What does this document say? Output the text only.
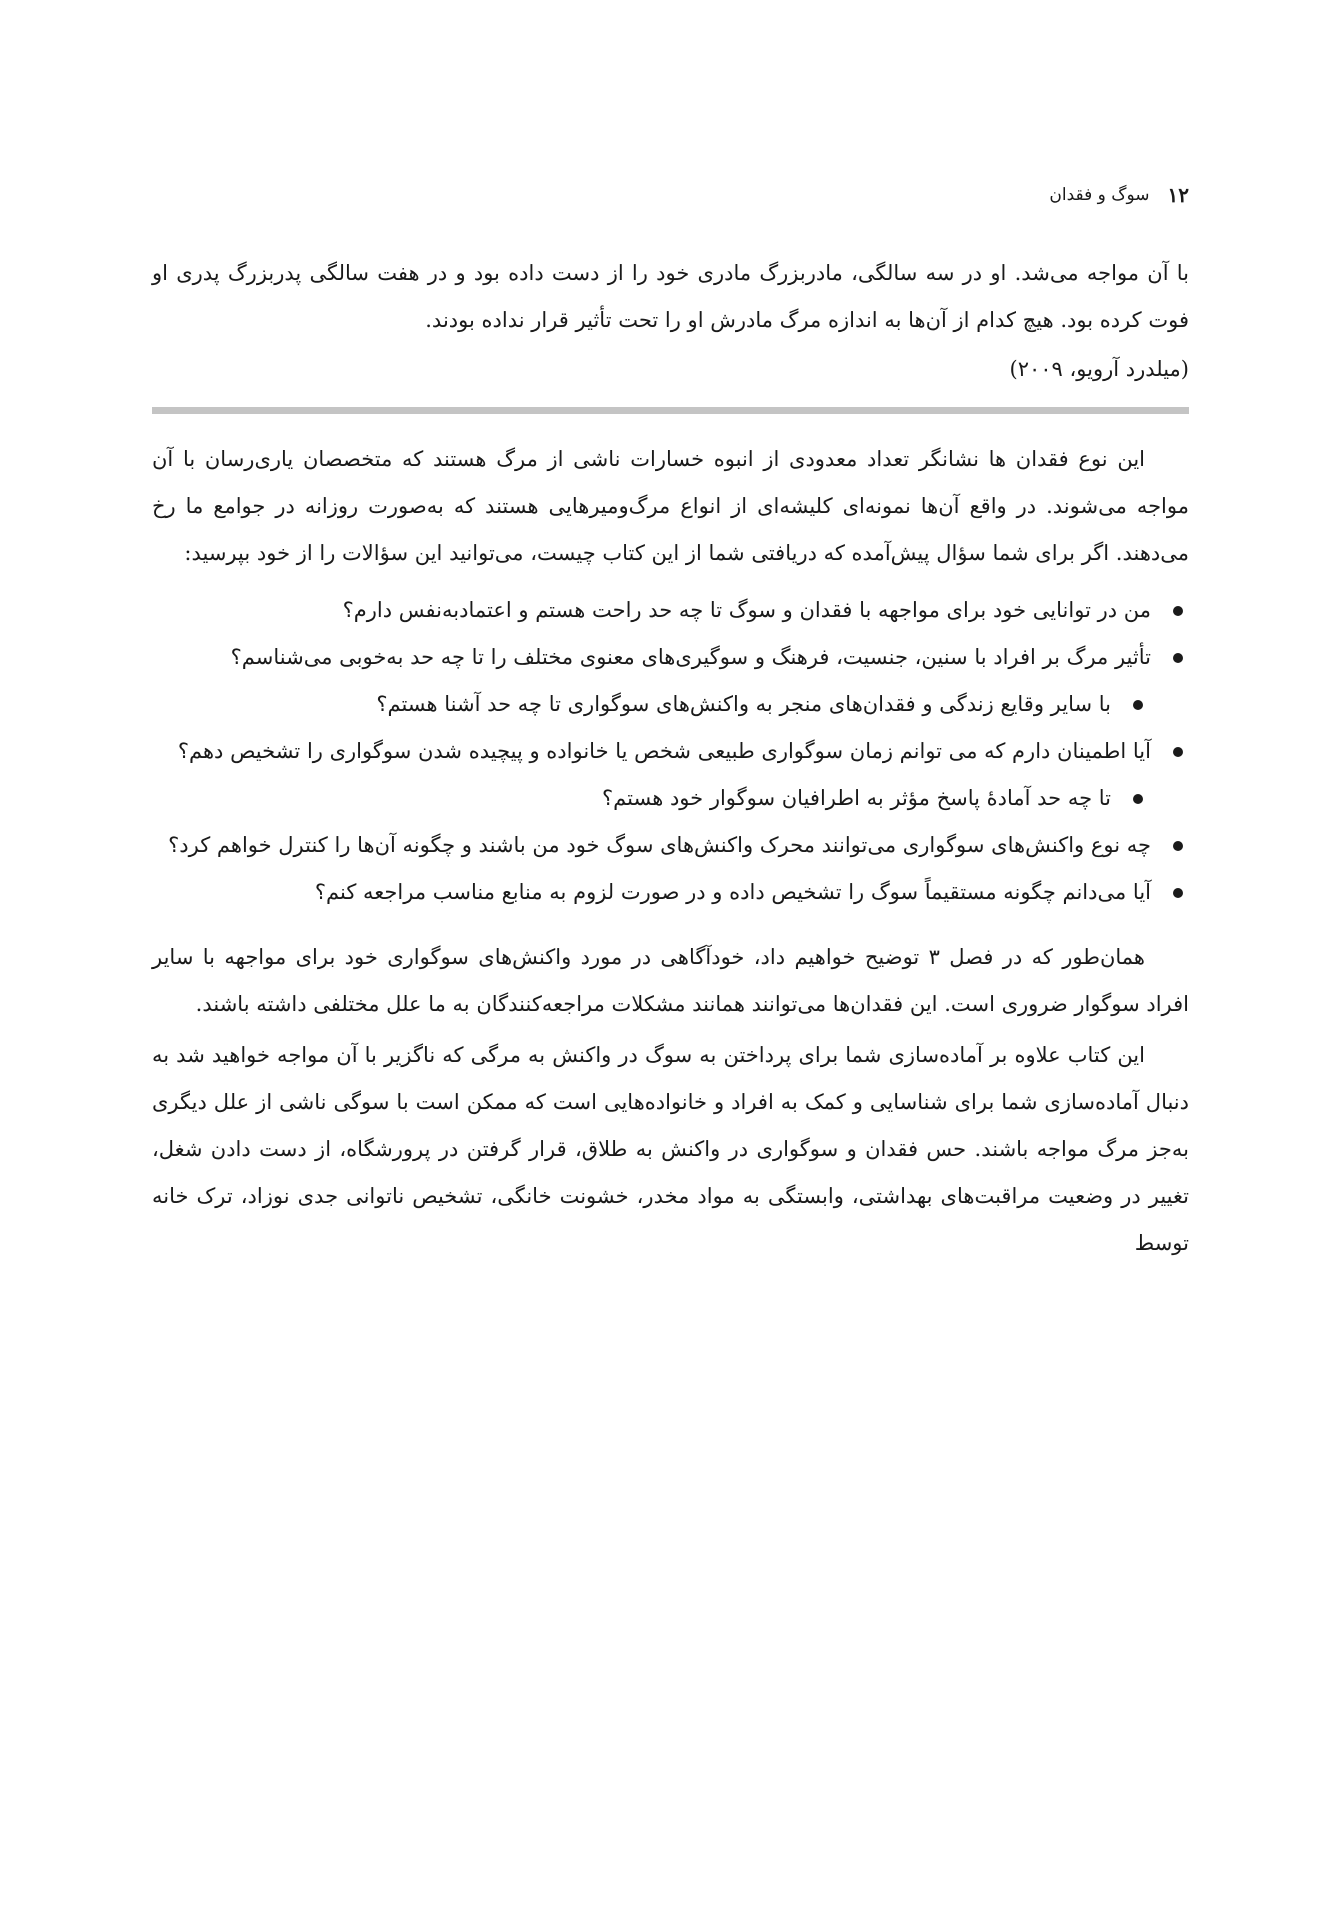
۱۲
سوگ و فقدان

با آن مواجه می‌شد. او در سه سالگی، مادربزرگ مادری خود را از دست داده بود و در هفت سالگی پدربزرگ پدری او فوت کرده بود. هیچ کدام از آن‌ها به اندازه مرگ مادرش او را تحت تأثیر قرار نداده بودند.

(میلدرد آرویو، ۲۰۰۹)

این نوع فقدان ها نشانگر تعداد معدودی از انبوه خسارات ناشی از مرگ هستند که متخصصان یاری‌رسان با آن مواجه می‌شوند. در واقع آن‌ها نمونه‌ای کلیشه‌ای از انواع مرگ‌ومیرهایی هستند که به‌صورت روزانه در جوامع ما رخ می‌دهند. اگر برای شما سؤال پیش‌آمده که دریافتی شما از این کتاب چیست، می‌توانید این سؤالات را از خود بپرسید:

من در توانایی خود برای مواجهه با فقدان و سوگ تا چه حد راحت هستم و اعتمادبه‌نفس دارم؟
تأثیر مرگ بر افراد با سنین، جنسیت، فرهنگ و سوگیری‌های معنوی مختلف را تا چه حد به‌خوبی می‌شناسم؟
با سایر وقایع زندگی و فقدان‌های منجر به واکنش‌های سوگواری تا چه حد آشنا هستم؟
آیا اطمینان دارم که می توانم زمان سوگواری طبیعی شخص یا خانواده و پیچیده شدن سوگواری را تشخیص دهم؟
تا چه حد آمادهٔ پاسخ مؤثر به اطرافیان سوگوار خود هستم؟
چه نوع واکنش‌های سوگواری می‌توانند محرک واکنش‌های سوگ خود من باشند و چگونه آن‌ها را کنترل خواهم کرد؟
آیا می‌دانم چگونه مستقیماً سوگ را تشخیص داده و در صورت لزوم به منابع مناسب مراجعه کنم؟

همان‌طور که در فصل ۳ توضیح خواهیم داد، خودآگاهی در مورد واکنش‌های سوگواری خود برای مواجهه با سایر افراد سوگوار ضروری است. این فقدان‌ها می‌توانند همانند مشکلات مراجعه‌کنندگان به ما علل مختلفی داشته باشند.

این کتاب علاوه بر آماده‌سازی شما برای پرداختن به سوگ در واکنش به مرگی که ناگزیر با آن مواجه خواهید شد به دنبال آماده‌سازی شما برای شناسایی و کمک به افراد و خانواده‌هایی است که ممکن است با سوگی ناشی از علل دیگری به‌جز مرگ مواجه باشند. حس فقدان و سوگواری در واکنش به طلاق، قرار گرفتن در پرورشگاه، از دست دادن شغل، تغییر در وضعیت مراقبت‌های بهداشتی، وابستگی به مواد مخدر، خشونت خانگی، تشخیص ناتوانی جدی نوزاد، ترک خانه توسط
